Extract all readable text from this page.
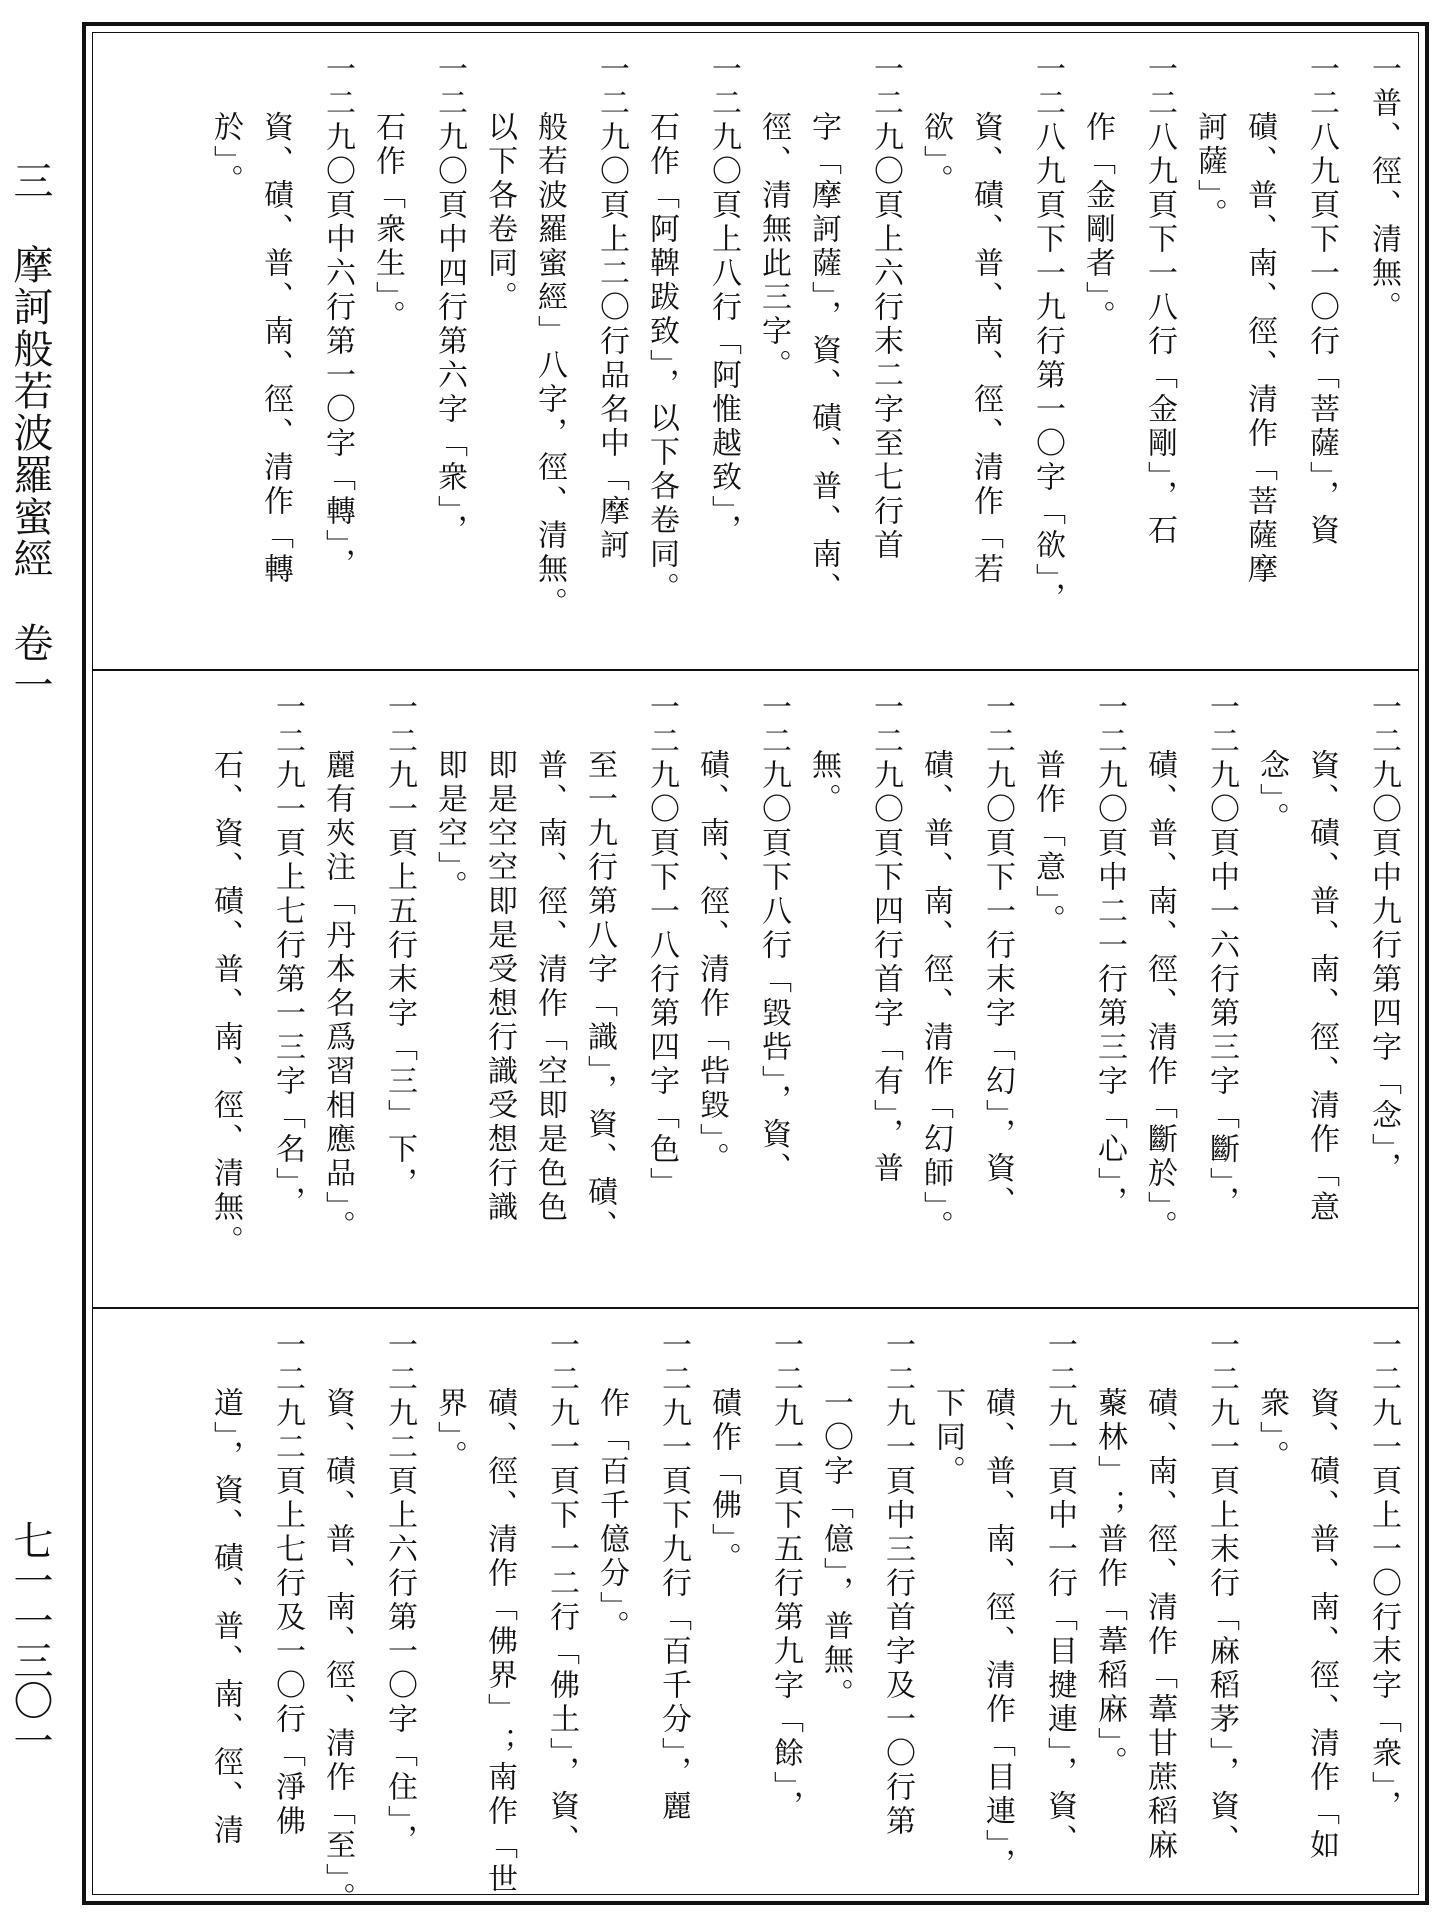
三　摩訶般若波羅蜜經　卷一
七一一三〇一
一普、徑、清無。
一二八九頁下一〇行「菩薩」，資
磧、普、南、徑、清作「菩薩摩
訶薩」。
一二八九頁下一八行「金剛」，石
作「金剛者」。
一二八九頁下一九行第一〇字「欲」，
資、磧、普、南、徑、清作「若
欲」。
一二九〇頁上六行末二字至七行首
字「摩訶薩」，資、磧、普、南、
徑、清無此三字。
一二九〇頁上八行「阿惟越致」，
石作「阿鞞跋致」，以下各卷同。
一二九〇頁上二〇行品名中「摩訶
般若波羅蜜經」八字，徑、清無。
以下各卷同。
一二九〇頁中四行第六字「衆」，
石作「衆生」。
一二九〇頁中六行第一〇字「轉」，
資、磧、普、南、徑、清作「轉
於」。
一二九〇頁中九行第四字「念」，
資、磧、普、南、徑、清作「意
念」。
一二九〇頁中一六行第三字「斷」，
磧、普、南、徑、清作「斷於」。
一二九〇頁中二一行第三字「心」，
普作「意」。
一二九〇頁下一行末字「幻」，資、
磧、普、南、徑、清作「幻師」。
一二九〇頁下四行首字「有」，普
無。
一二九〇頁下八行「毀呰」，資、
磧、南、徑、清作「呰毀」。
一二九〇頁下一八行第四字「色」
至一九行第八字「識」，資、磧、
普、南、徑、清作「空即是色色
即是空空即是受想行識受想行識
即是空」。
一二九一頁上五行末字「三」下，
麗有夾注「丹本名爲習相應品」。
一二九一頁上七行第一三字「名」，
石、資、磧、普、南、徑、清無。
一二九一頁上一〇行末字「衆」，
資、磧、普、南、徑、清作「如
衆」。
一二九一頁上末行「麻稻茅」，資、
磧、南、徑、清作「葦甘蔗稻麻
藂林」；普作「葦稻麻」。
一二九一頁中一行「目揵連」，資、
磧、普、南、徑、清作「目連」，
下同。
一二九一頁中三行首字及一〇行第
一〇字「億」，普無。
一二九一頁下五行第九字「餘」，
磧作「佛」。
一二九一頁下九行「百千分」，麗
作「百千億分」。
一二九一頁下一二行「佛土」，資、
磧、徑、清作「佛界」；南作「世
界」。
一二九二頁上六行第一〇字「住」，
資、磧、普、南、徑、清作「至」。
一二九二頁上七行及一〇行「淨佛
道」，資、磧、普、南、徑、清
